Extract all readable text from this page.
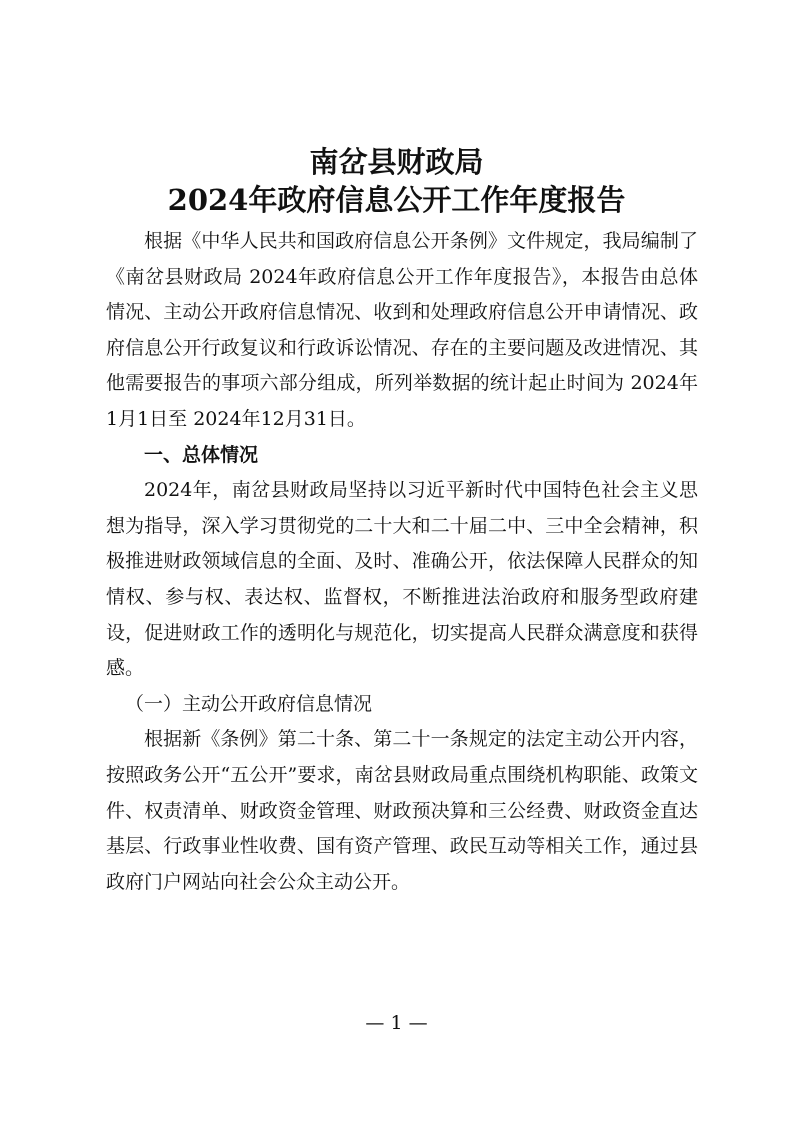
南岔县财政局
2024年政府信息公开工作年度报告

根据《中华人民共和国政府信息公开条例》文件规定，我局编制了《南岔县财政局 2024年政府信息公开工作年度报告》，本报告由总体情况、主动公开政府信息情况、收到和处理政府信息公开申请情况、政府信息公开行政复议和行政诉讼情况、存在的主要问题及改进情况、其他需要报告的事项六部分组成，所列举数据的统计起止时间为 2024年1月1日至 2024年12月31日。

一、总体情况

2024年，南岔县财政局坚持以习近平新时代中国特色社会主义思想为指导，深入学习贯彻党的二十大和二十届二中、三中全会精神，积极推进财政领域信息的全面、及时、准确公开，依法保障人民群众的知情权、参与权、表达权、监督权，不断推进法治政府和服务型政府建设，促进财政工作的透明化与规范化，切实提高人民群众满意度和获得感。

（一）主动公开政府信息情况

根据新《条例》第二十条、第二十一条规定的法定主动公开内容，按照政务公开“五公开”要求，南岔县财政局重点围绕机构职能、政策文件、权责清单、财政资金管理、财政预决算和三公经费、财政资金直达基层、行政事业性收费、国有资产管理、政民互动等相关工作，通过县政府门户网站向社会公众主动公开。

— 1 —
